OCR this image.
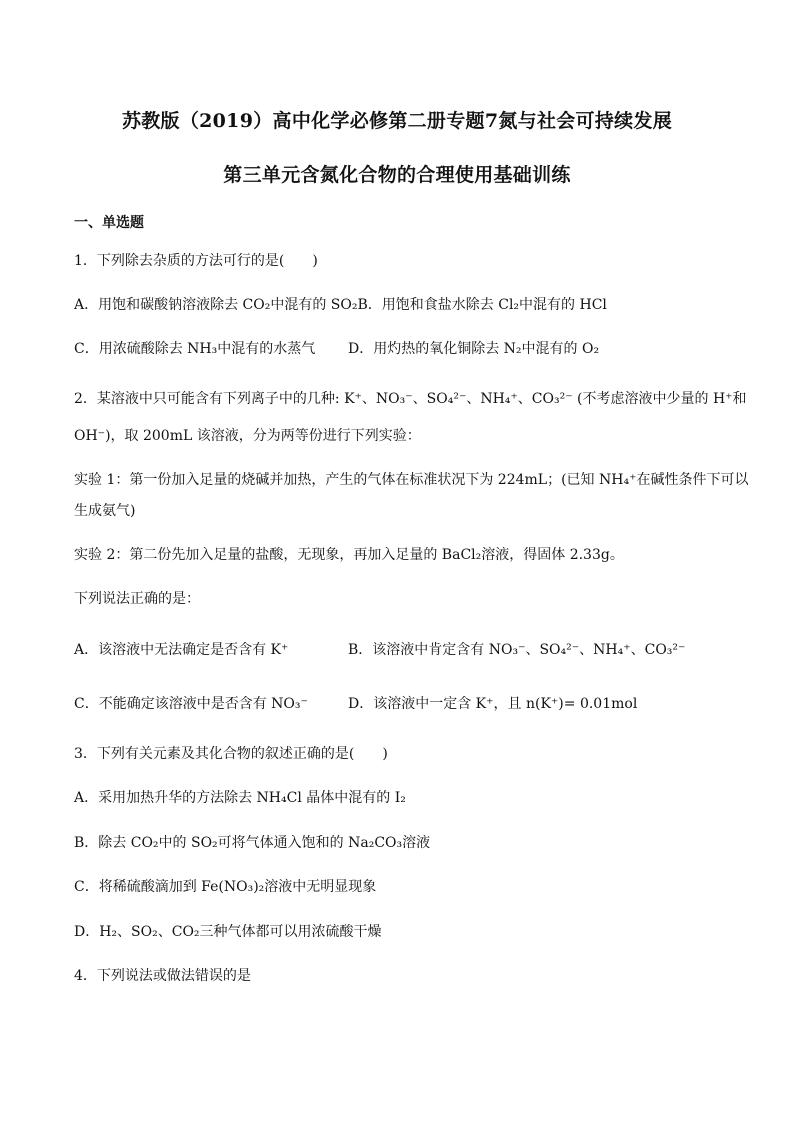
苏教版（2019）高中化学必修第二册专题7氮与社会可持续发展
第三单元含氮化合物的合理使用基础训练
一、单选题
1．下列除去杂质的方法可行的是(　　)
A．用饱和碳酸钠溶液除去 CO₂中混有的 SO₂B．用饱和食盐水除去 Cl₂中混有的 HCl
C．用浓硫酸除去 NH₃中混有的水蒸气 D．用灼热的氧化铜除去 N₂中混有的 O₂
2．某溶液中只可能含有下列离子中的几种: K⁺、NO₃⁻、SO₄²⁻、NH₄⁺、CO₃²⁻ (不考虑溶液中少量的 H⁺和
OH⁻)，取 200mL 该溶液，分为两等份进行下列实验：
实验 1：第一份加入足量的烧碱并加热，产生的气体在标准状况下为 224mL；(已知 NH₄⁺在碱性条件下可以
生成氨气)
实验 2：第二份先加入足量的盐酸，无现象，再加入足量的 BaCl₂溶液，得固体 2.33g。
下列说法正确的是：
A．该溶液中无法确定是否含有 K⁺	B．该溶液中肯定含有 NO₃⁻、SO₄²⁻、NH₄⁺、CO₃²⁻
C．不能确定该溶液中是否含有 NO₃⁻	D．该溶液中一定含 K⁺，且 n(K⁺)= 0.01mol
3．下列有关元素及其化合物的叙述正确的是(　　)
A．采用加热升华的方法除去 NH₄Cl 晶体中混有的 I₂
B．除去 CO₂中的 SO₂可将气体通入饱和的 Na₂CO₃溶液
C．将稀硫酸滴加到 Fe(NO₃)₂溶液中无明显现象
D．H₂、SO₂、CO₂三种气体都可以用浓硫酸干燥
4．下列说法或做法错误的是
